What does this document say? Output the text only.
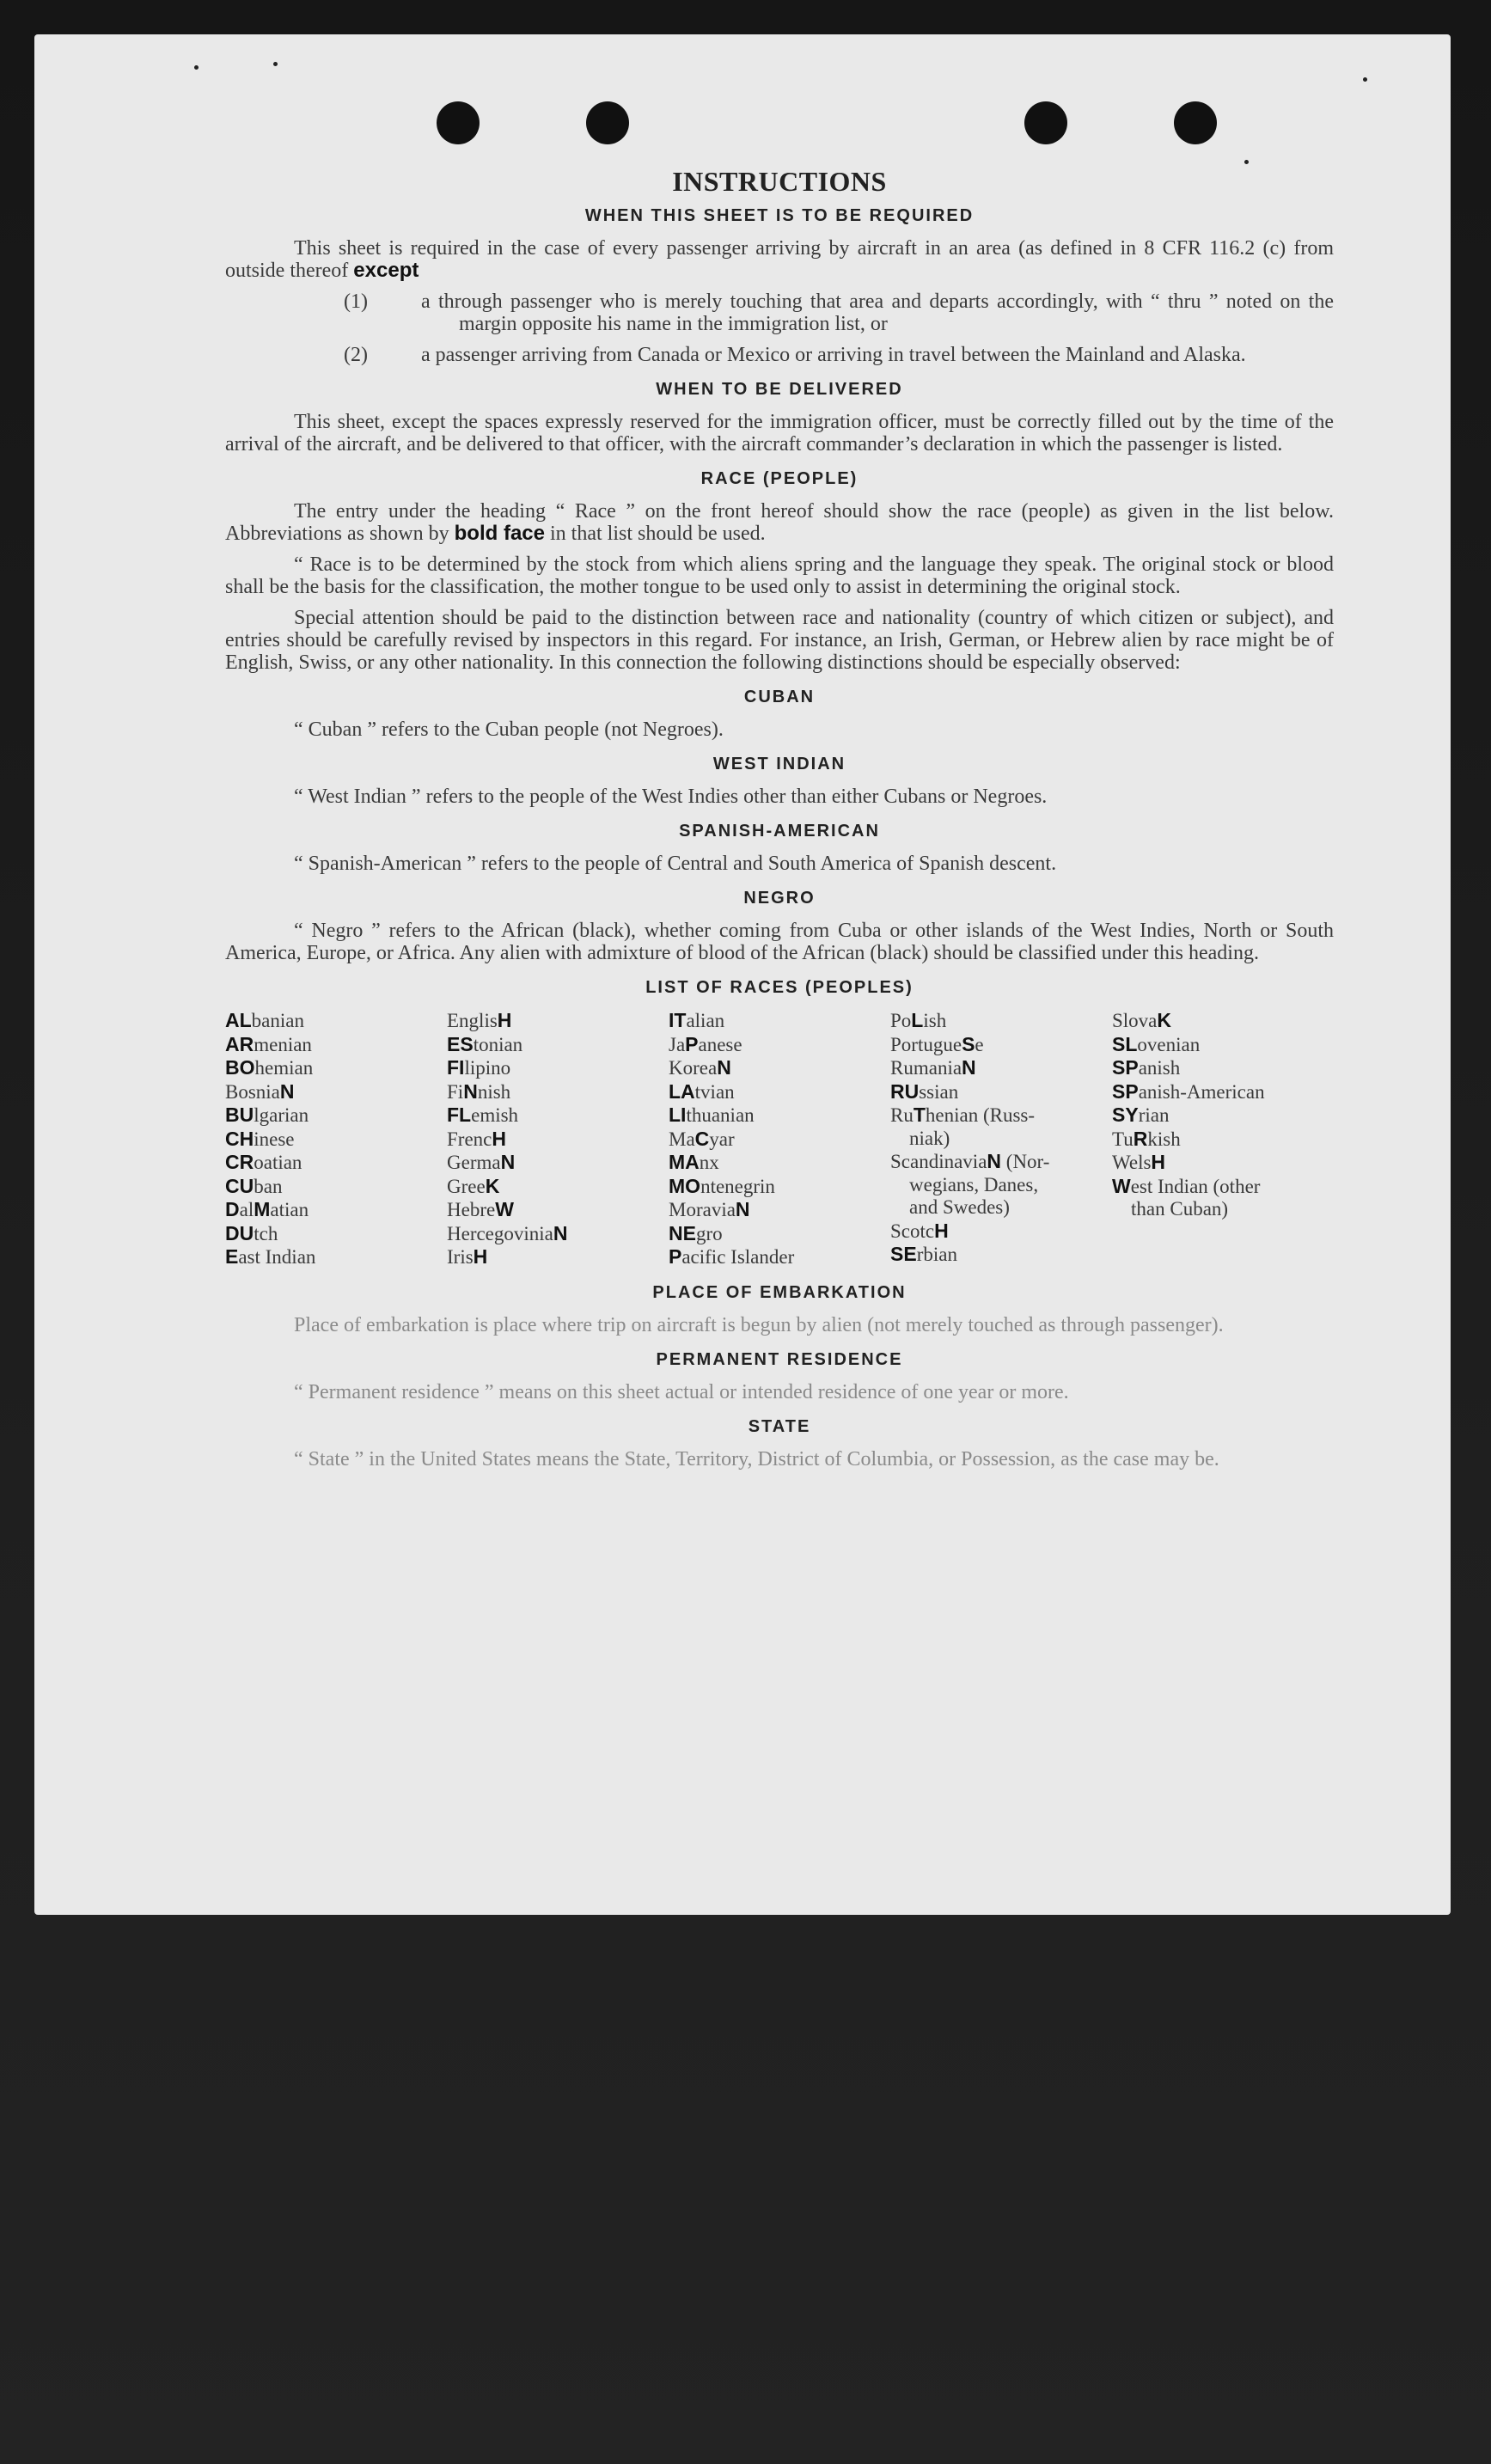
INSTRUCTIONS
WHEN THIS SHEET IS TO BE REQUIRED

This sheet is required in the case of every passenger arriving by aircraft in an area (as defined in 8 CFR 116.2 (c) from outside thereof except

(1)	a through passenger who is merely touching that area and departs accordingly, with “ thru ” noted on the margin opposite his name in the immigration list, or
(2)	a passenger arriving from Canada or Mexico or arriving in travel between the Mainland and Alaska.
WHEN TO BE DELIVERED

This sheet, except the spaces expressly reserved for the immigration officer, must be correctly filled out by the time of the arrival of the aircraft, and be delivered to that officer, with the aircraft commander’s declaration in which the passenger is listed.

RACE (PEOPLE)

The entry under the heading “ Race ” on the front hereof should show the race (people) as given in the list below. Abbreviations as shown by bold face in that list should be used.

“ Race is to be determined by the stock from which aliens spring and the language they speak. The original stock or blood shall be the basis for the classification, the mother tongue to be used only to assist in determining the original stock.

Special attention should be paid to the distinction between race and nationality (country of which citizen or subject), and entries should be carefully revised by inspectors in this regard. For instance, an Irish, German, or Hebrew alien by race might be of English, Swiss, or any other nationality. In this connection the following distinctions should be especially observed:

CUBAN

“ Cuban ” refers to the Cuban people (not Negroes).

WEST INDIAN

“ West Indian ” refers to the people of the West Indies other than either Cubans or Negroes.

SPANISH-AMERICAN

“ Spanish-American ” refers to the people of Central and South America of Spanish descent.

NEGRO

“ Negro ” refers to the African (black), whether coming from Cuba or other islands of the West Indies, North or South America, Europe, or Africa. Any alien with admixture of blood of the African (black) should be classified under this heading.

LIST OF RACES (PEOPLES)
ALbanian
ARmenian
BOhemian
BosniaN
BUlgarian
CHinese
CRoatian
CUban
DalMatian
DUtch
East Indian
EnglisH
EStonian
FIlipino
FiNnish
FLemish
FrencH
GermaN
GreeK
HebreW
HercegoviniaN
IrisH
ITalian
JaPanese
KoreaN
LAtvian
LIthuanian
MaCyar
MAnx
MOntenegrin
MoraviaN
NEgro
Pacific Islander
PoLish
PortugueSe
RumaniaN
RUssian
RuThenian (Russ-
niak)
ScandinaviaN (Nor-
wegians, Danes,
and Swedes)
ScotcH
SErbian
SlovaK
SLovenian
SPanish
SPanish-American
SYrian
TuRkish
WelsH
West Indian (other
than Cuban)
PLACE OF EMBARKATION

Place of embarkation is place where trip on aircraft is begun by alien (not merely touched as through passenger).

PERMANENT RESIDENCE

“ Permanent residence ” means on this sheet actual or intended residence of one year or more.

STATE

“ State ” in the United States means the State, Territory, District of Columbia, or Possession, as the case may be.
